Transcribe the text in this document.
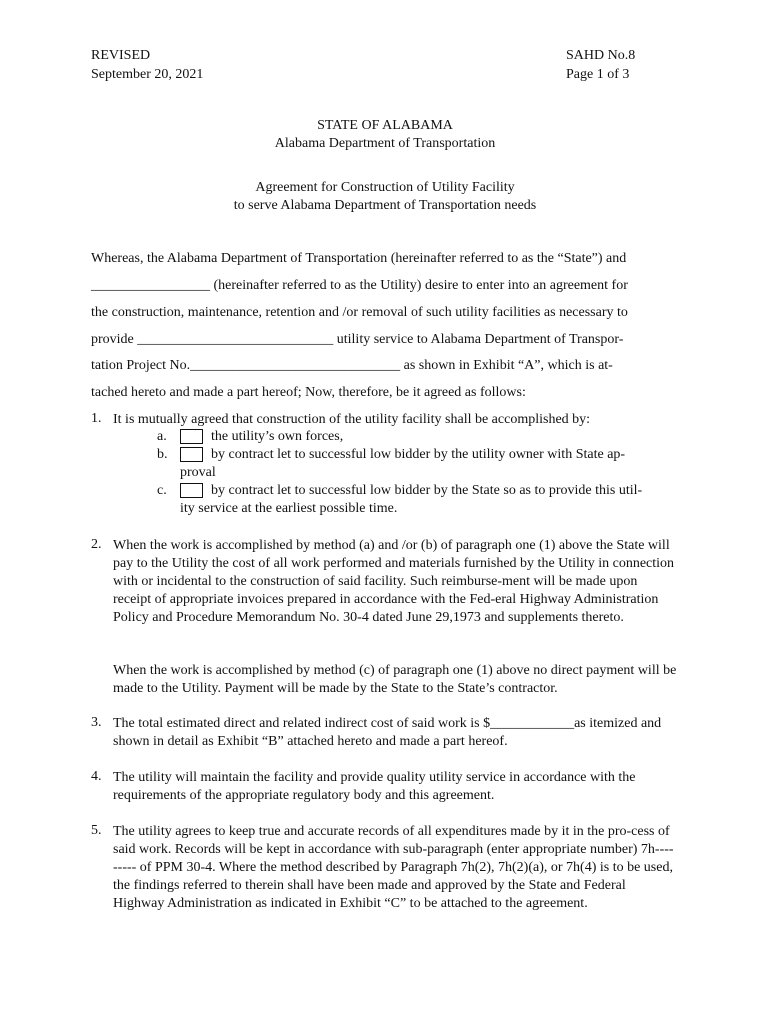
REVISED
September 20, 2021
SAHD No.8
Page 1 of 3
STATE OF ALABAMA
Alabama Department of Transportation
Agreement for Construction of Utility Facility
to serve Alabama Department of Transportation needs
Whereas, the Alabama Department of Transportation (hereinafter referred to as the “State”) and
_________________ (hereinafter referred to as the Utility) desire to enter into an agreement for
the construction, maintenance, retention and /or removal of such utility facilities as necessary to
provide ____________________________ utility service to Alabama Department of Transpor-
tation Project No.______________________________ as shown in Exhibit “A”, which is at-
tached hereto and made a part hereof; Now, therefore, be it agreed as follows:
1. It is mutually agreed that construction of the utility facility shall be accomplished by:
a.	the utility’s own forces,
b.	by contract let to successful low bidder by the utility owner with State ap-
proval
c.	by contract let to successful low bidder by the State so as to provide this util-
ity service at the earliest possible time.
2. When the work is accomplished by method (a) and /or (b) of paragraph one (1) above the State will pay to the Utility the cost of all work performed and materials furnished by the Utility in connection with or incidental to the construction of said facility. Such reimburse-ment will be made upon receipt of appropriate invoices prepared in accordance with the Fed-eral Highway Administration Policy and Procedure Memorandum No. 30-4 dated June 29,1973 and supplements thereto.
When the work is accomplished by method (c) of paragraph one (1) above no direct payment will be made to the Utility. Payment will be made by the State to the State’s contractor.
3. The total estimated direct and related indirect cost of said work is $____________as itemized and shown in detail as Exhibit “B” attached hereto and made a part hereof.
4. The utility will maintain the facility and provide quality utility service in accordance with the requirements of the appropriate regulatory body and this agreement.
5. The utility agrees to keep true and accurate records of all expenditures made by it in the pro-cess of said work. Records will be kept in accordance with sub-paragraph (enter appropriate number) 7h--------- of PPM 30-4. Where the method described by Paragraph 7h(2), 7h(2)(a), or 7h(4) is to be used, the findings referred to therein shall have been made and approved by the State and Federal Highway Administration as indicated in Exhibit “C” to be attached to the agreement.
